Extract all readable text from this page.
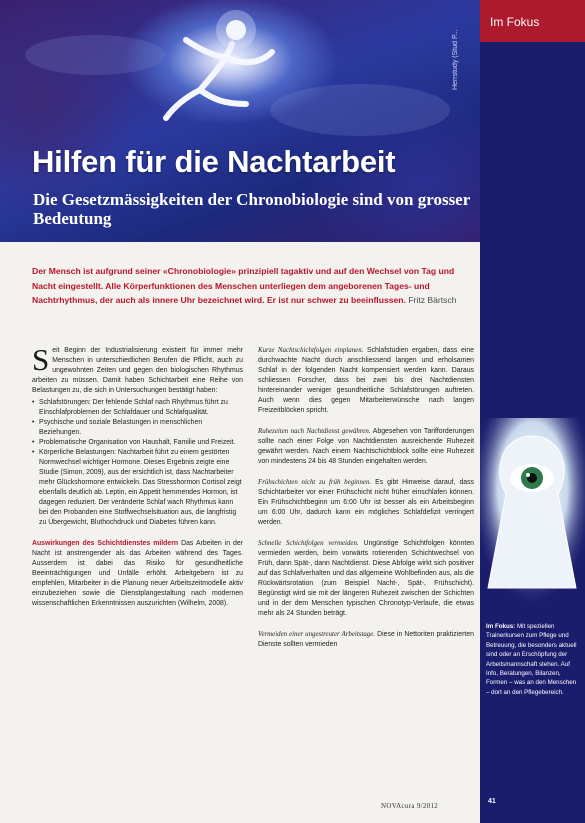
Herrstudy (Stud P...
Hilfen für die Nachtarbeit
Die Gesetzmässigkeiten der Chronobiologie sind von grosser Bedeutung
Im Fokus
Im Fokus: Mit speziellen Trainerkursen zum Pflege und Betreuung, die besonders aktuell sind oder an Erschöpfung der Arbeitsmannschaft stehen. Auf Info, Beratungen, Bilanzen, Formen – was an den Menschen – dort an den Pflegebereich.
41

Der Mensch ist aufgrund seiner «Chronobiologie» prinzipiell tagaktiv und auf den Wechsel von Tag und Nacht eingestellt. Alle Körperfunktionen des Menschen unterliegen dem angeborenen Tages- und Nachtrhythmus, der auch als innere Uhr bezeichnet wird. Er ist nur schwer zu beeinflussen. Fritz Bärtsch

Seit Beginn der Industrialisierung existiert für immer mehr Menschen in unterschiedlichen Berufen die Pflicht, auch zu ungewohnten Zeiten und gegen den biologischen Rhythmus arbeiten zu müssen. Damit haben Schichtarbeit eine Reihe von Belastungen zu, die sich in Untersuchungen bestätigt haben:

• Schlafstörungen: Der fehlende Schlaf nach Rhythmus führt zu Einschlafproblemen der Schlafdauer und Schlafqualität.
• Psychische und soziale Belastungen in menschlichen Beziehungen.
• Problematische Organisation von Haushalt, Familie und Freizeit.
• Körperliche Belastungen: Nachtarbeit führt zu einem gestörten Normwechsel wichtiger Hormone. Dieses Ergebnis zeigte eine Studie (Simon, 2009), aus der ersichtlich ist, dass Nachtarbeiter mehr Glückshormone entwickeln. Das Stresshormon Cortisol zeigt ebenfalls deutlich ab. Leptin, ein Appetit hemmendes Hormon, ist dagegen reduziert. Der veränderte Schlaf wach Rhythmus kann bei den Probanden eine Stoffwechselsituation aus, die langfristig zu Übergewicht, Bluthochdruck und Diabetes führen kann.

Auswirkungen des Schichtdienstes mildern Das Arbeiten in der Nacht ist anstrengender als das Arbeiten während des Tages. Ausserdem ist dabei das Risiko für gesundheitliche Beeinträchtigungen und Unfälle erhöht. Arbeitgebern ist zu empfehlen, Mitarbeiter in die Planung neuer Arbeitszeitmodelle aktiv einzubeziehen sowie die Dienstplangestaltung nach modernen wissenschaftlichen Erkenntnissen auszurichten (Wilhelm, 2008).

Kurze Nachtschichtfolgen einplanen. Schlafstudien ergaben, dass eine durchwachte Nacht durch anschliessend langen und erholsamen Schlaf in der folgenden Nacht kompensiert werden kann. Daraus schliessen Forscher, dass bei zwei bis drei Nachtdiensten hintereinander weniger gesundheitliche Schlafstörungen auftreten. Auch wenn dies gegen Mitarbeiterwünsche nach langen Freizeitblöcken spricht.

Ruhezeiten nach Nachtdienst gewähren. Abgesehen von Tarifforderungen sollte nach einer Folge von Nachtdiensten ausreichende Ruhezeit gewährt werden. Nach einem Nachtschichtblock sollte eine Ruhezeit von mindestens 24 bis 48 Stunden eingehalten werden.

Frühschichten nicht zu früh beginnen. Es gibt Hinweise darauf, dass Schichtarbeiter vor einer Frühschicht nicht früher einschlafen können. Ein Frühschichtbeginn um 6:00 Uhr ist besser als ein Arbeitsbeginn um 6:00 Uhr, dadurch kann ein mögliches Schlafdefizit verringert werden.

Schnelle Schichtfolgen vermeiden. Ungünstige Schichtfolgen könnten vermieden werden, beim vorwärts rotierenden Schichtwechsel von Früh, dann Spät-, dann Nachtdienst. Diese Abfolge wirkt sich positiver auf das Schlafverhalten und das allgemeine Wohlbefinden aus, als die Rückwärtsrotation (zum Beispiel Nacht-, Spät-, Frühschicht). Begünstigt wird sie mit der längeren Ruhezeit zwischen der Schichten und in der dem Menschen typischen Chronotyp-Verlaufe, die etwas mehr als 24 Stunden beträgt.

Vermeiden einer ungestreuter Arbeitstage. Diese in Nettoriten praktizierten Dienste sollten vermieden

NOVAcura 9/2012
